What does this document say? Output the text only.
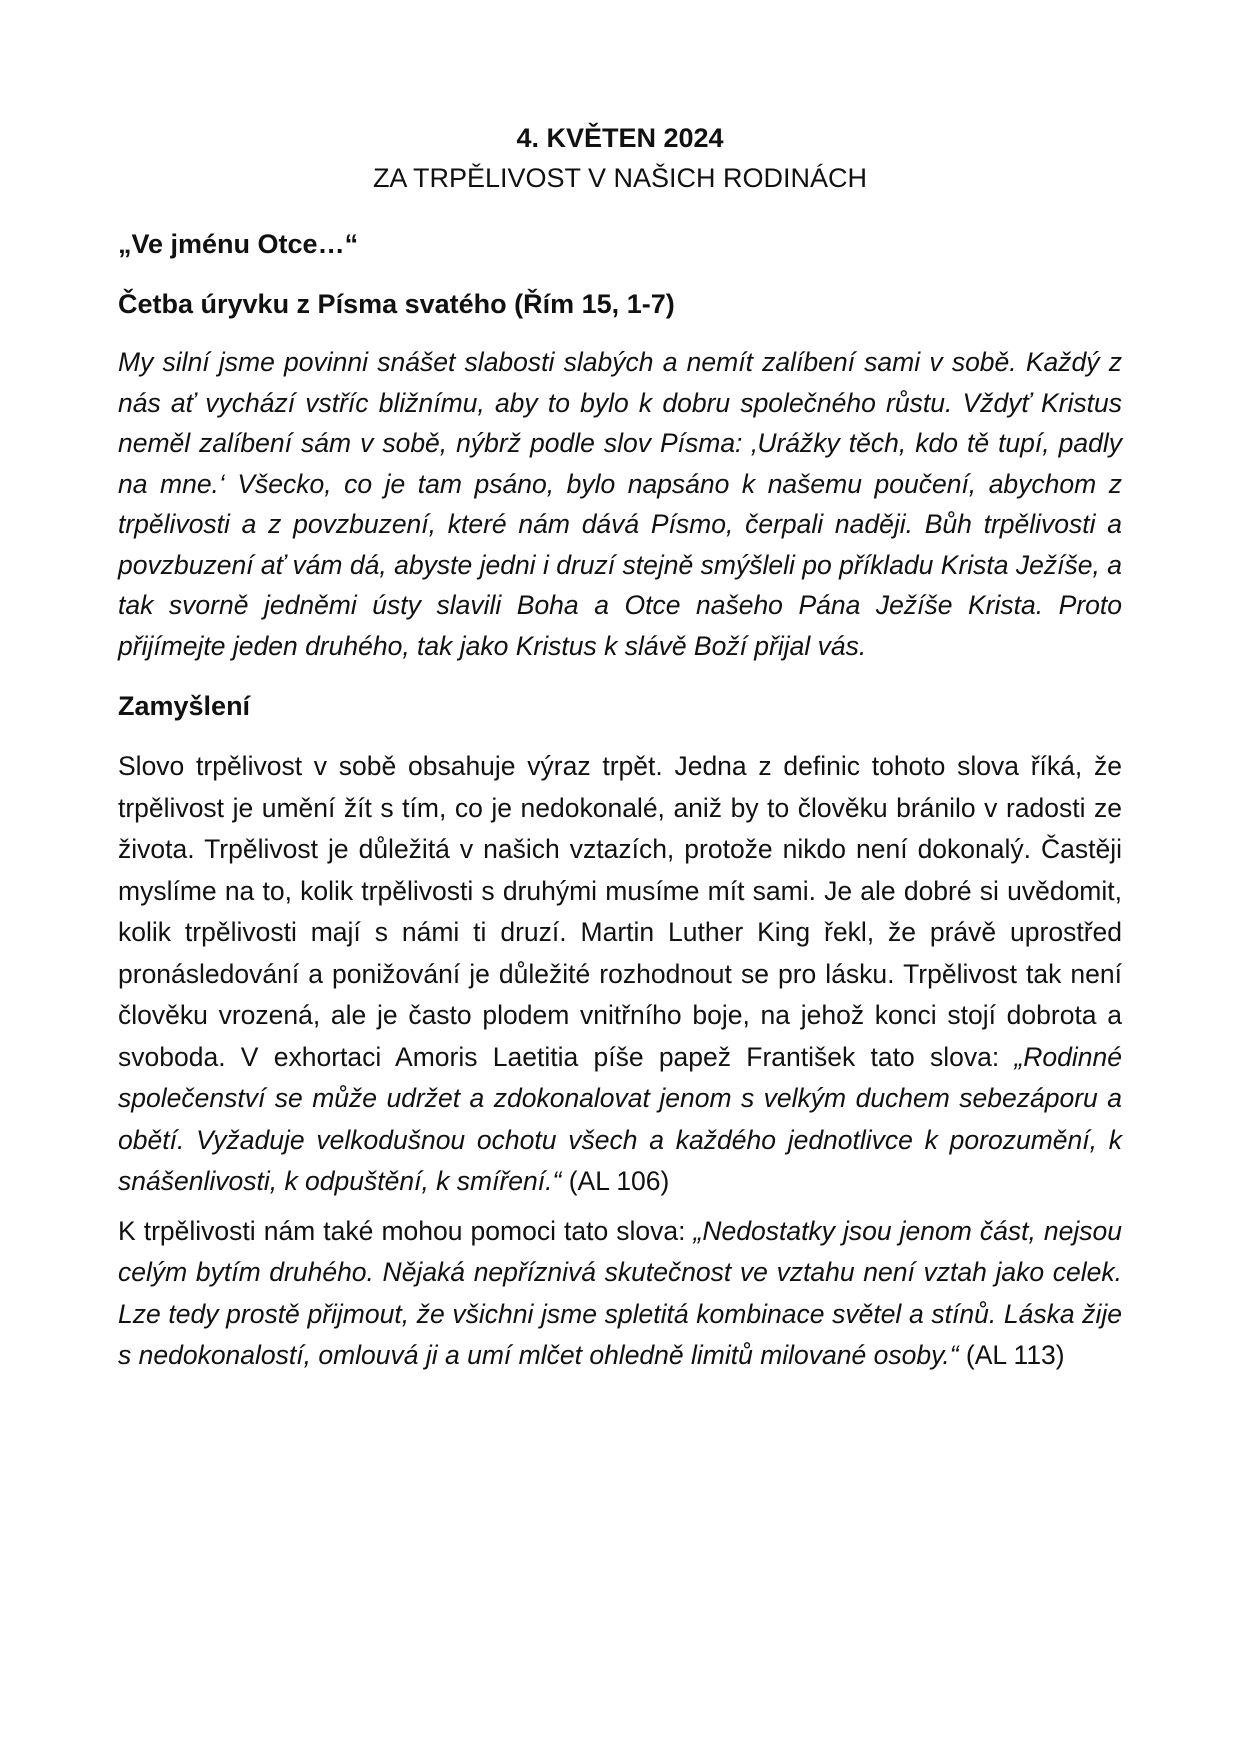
4. KVĚTEN 2024

ZA TRPĚLIVOST V NAŠICH RODINÁCH

„Ve jménu Otce…“

Četba úryvku z Písma svatého (Řím 15, 1-7)

My silní jsme povinni snášet slabosti slabých a nemít zalíbení sami v sobě. Každý z nás ať vychází vstříc bližnímu, aby to bylo k dobru společného růstu. Vždyť Kristus neměl zalíbení sám v sobě, nýbrž podle slov Písma: ‚Urážky těch, kdo tě tupí, padly na mne.‘ Všecko, co je tam psáno, bylo napsáno k našemu poučení, abychom z trpělivosti a z povzbuzení, které nám dává Písmo, čerpali naději. Bůh trpělivosti a povzbuzení ať vám dá, abyste jedni i druzí stejně smýšleli po příkladu Krista Ježíše, a tak svorně jedněmi ústy slavili Boha a Otce našeho Pána Ježíše Krista. Proto přijímejte jeden druhého, tak jako Kristus k slávě Boží přijal vás.

Zamyšlení

Slovo trpělivost v sobě obsahuje výraz trpět. Jedna z definic tohoto slova říká, že trpělivost je umění žít s tím, co je nedokonalé, aniž by to člověku bránilo v radosti ze života. Trpělivost je důležitá v našich vztazích, protože nikdo není dokonalý. Častěji myslíme na to, kolik trpělivosti s druhými musíme mít sami. Je ale dobré si uvědomit, kolik trpělivosti mají s námi ti druzí. Martin Luther King řekl, že právě uprostřed pronásledování a ponižování je důležité rozhodnout se pro lásku. Trpělivost tak není člověku vrozená, ale je často plodem vnitřního boje, na jehož konci stojí dobrota a svoboda. V exhortaci Amoris Laetitia píše papež František tato slova: „Rodinné společenství se může udržet a zdokonalovat jenom s velkým duchem sebezáporu a obětí. Vyžaduje velkodušnou ochotu všech a každého jednotlivce k porozumění, k snášenlivosti, k odpuštění, k smíření.“ (AL 106)

K trpělivosti nám také mohou pomoci tato slova: „Nedostatky jsou jenom část, nejsou celým bytím druhého. Nějaká nepříznivá skutečnost ve vztahu není vztah jako celek. Lze tedy prostě přijmout, že všichni jsme spletitá kombinace světel a stínů. Láska žije s nedokonalostí, omlouvá ji a umí mlčet ohledně limitů milované osoby.“ (AL 113)
